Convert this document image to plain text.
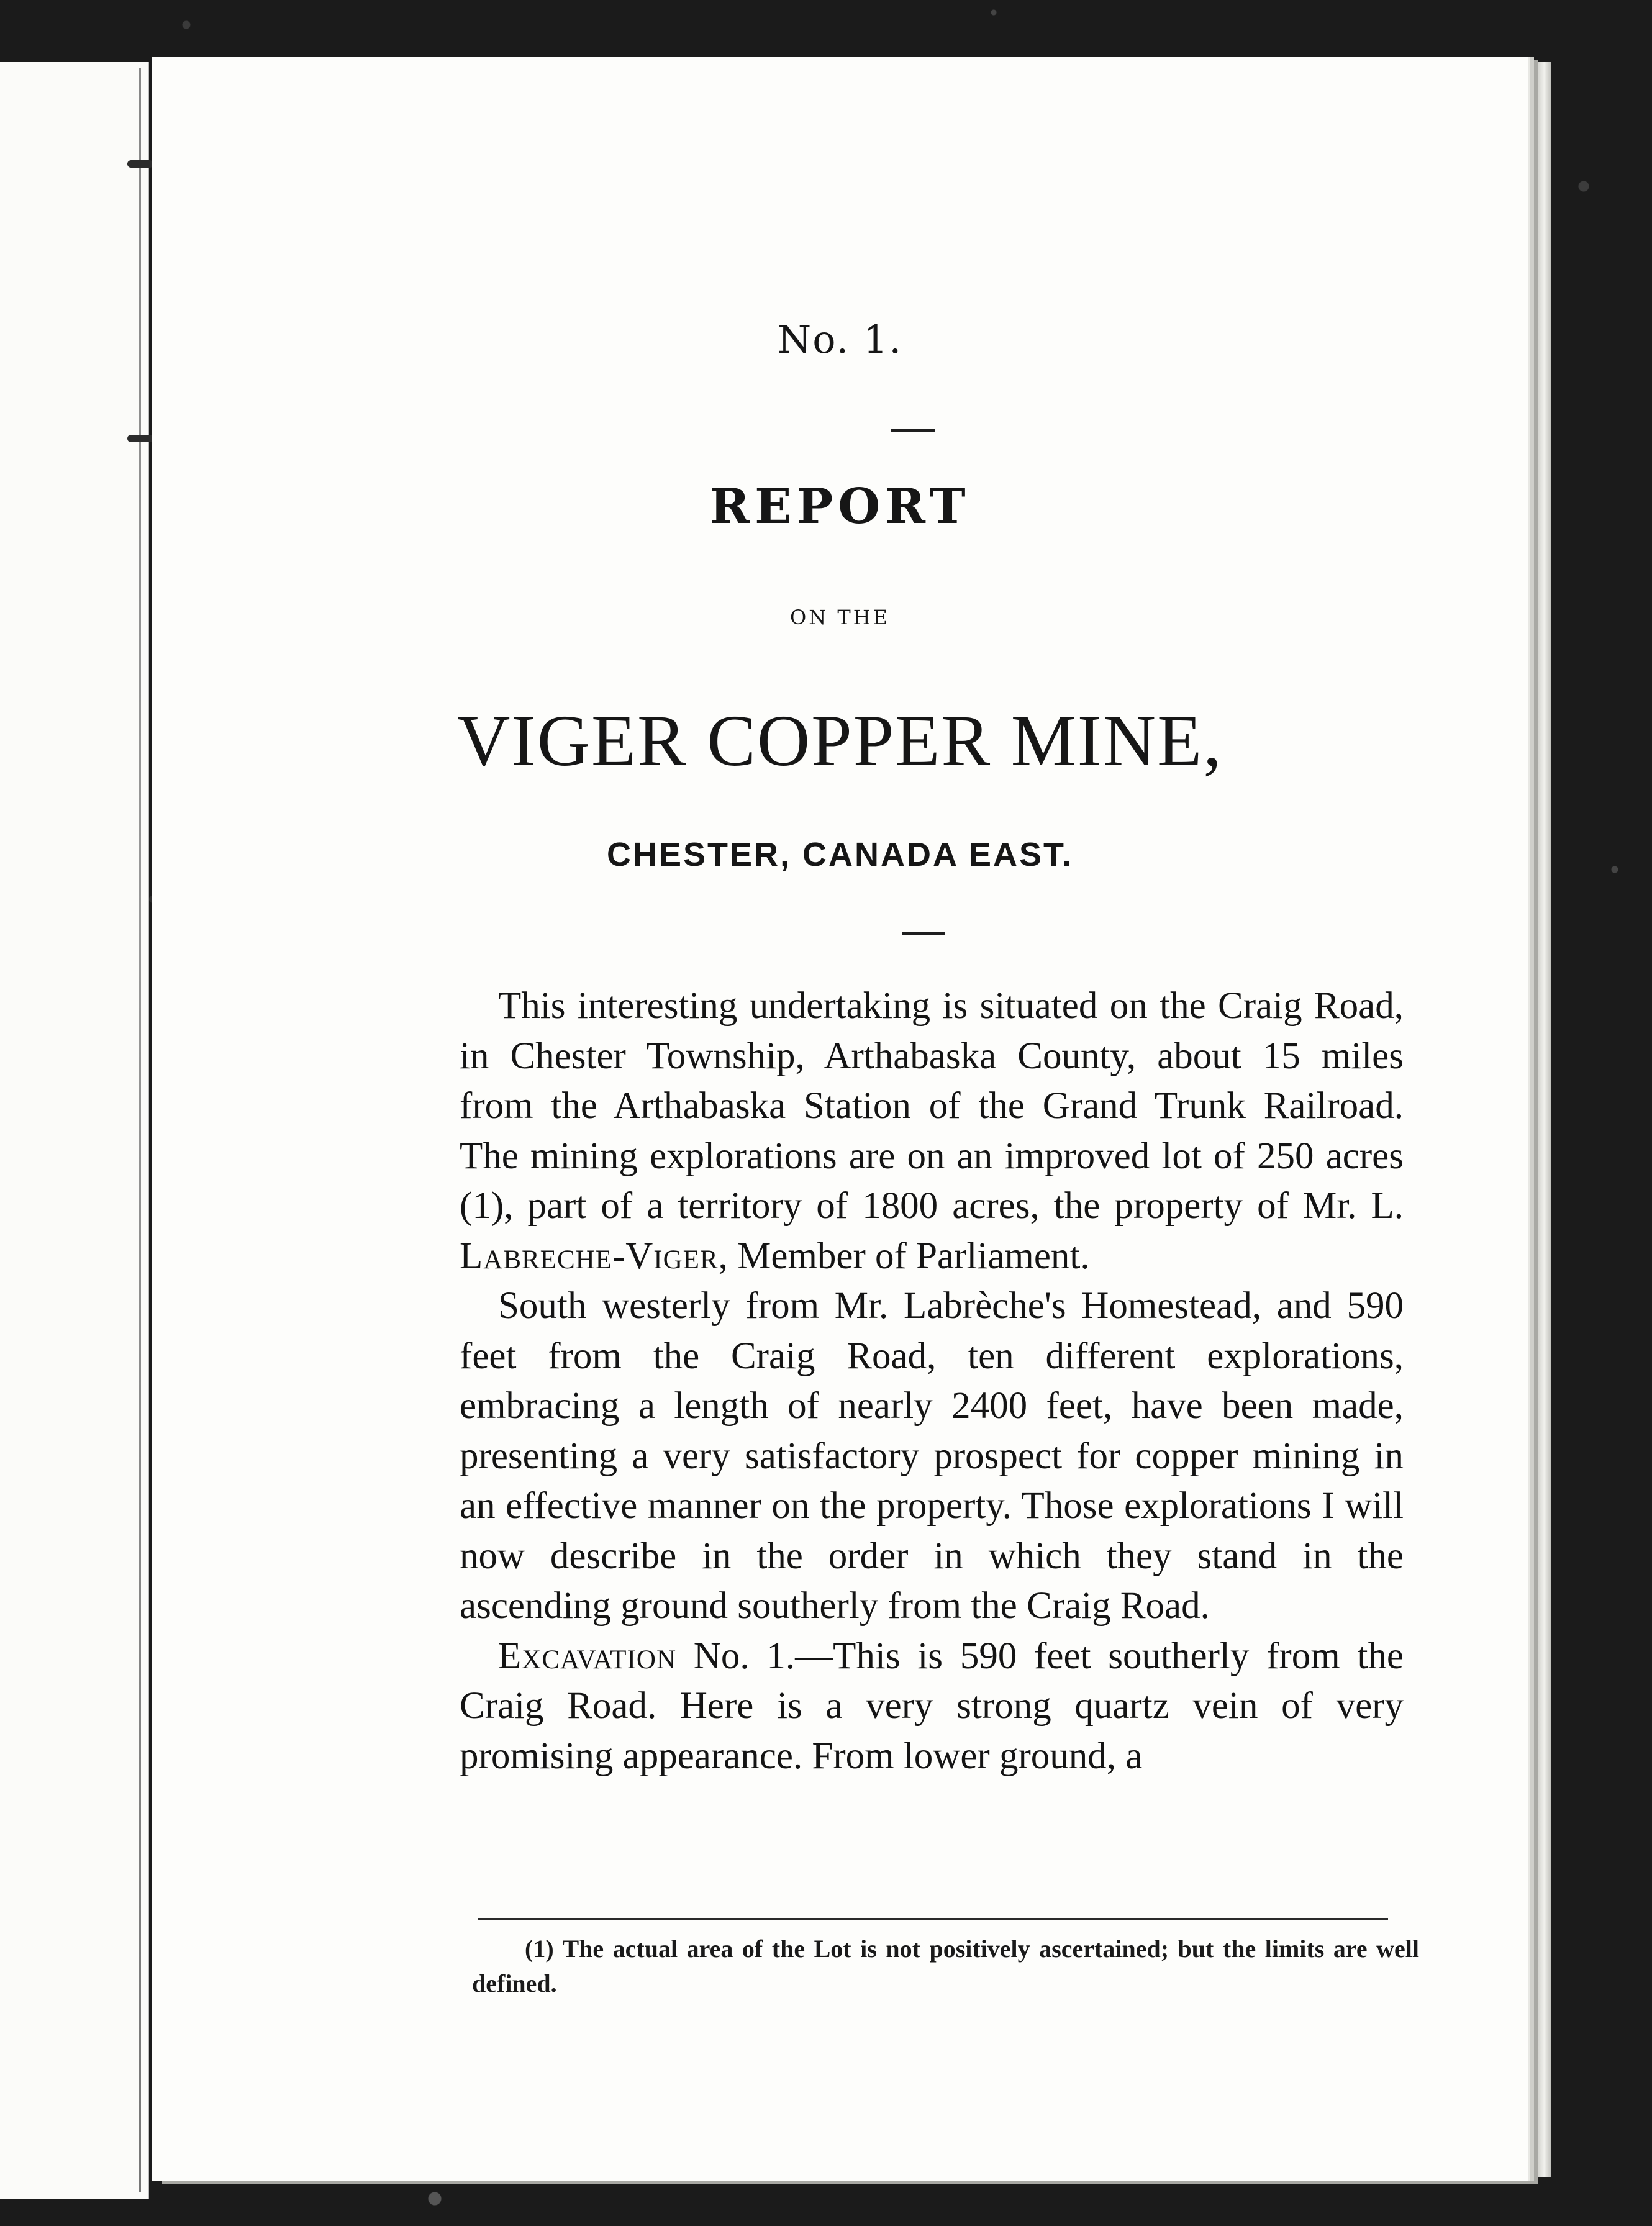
No. 1.
REPORT
ON THE
VIGER COPPER MINE,
CHESTER, CANADA EAST.

This interesting undertaking is situated on the Craig Road, in Chester Township, Arthabaska County, about 15 miles from the Arthabaska Station of the Grand Trunk Railroad. The mining explorations are on an improved lot of 250 acres (1), part of a territory of 1800 acres, the property of Mr. L. Labreche-Viger, Member of Parliament.

South westerly from Mr. Labrèche's Homestead, and 590 feet from the Craig Road, ten different explorations, embracing a length of nearly 2400 feet, have been made, presenting a very satisfactory prospect for copper mining in an effective manner on the property. Those explorations I will now describe in the order in which they stand in the ascending ground southerly from the Craig Road.

Excavation No. 1.—This is 590 feet southerly from the Craig Road. Here is a very strong quartz vein of very promising appearance. From lower ground, a

(1) The actual area of the Lot is not positively ascertained; but the limits are well defined.
